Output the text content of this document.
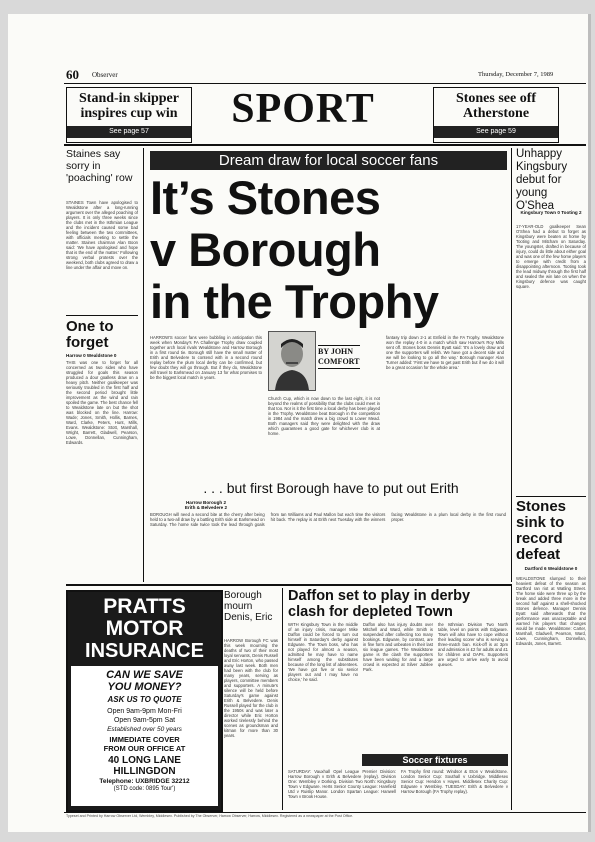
60 Observer	Thursday, December 7, 1989
Stand-in skipper
inspires cup win
See page 57	SPORT	Stones see off
Atherstone
See page 59
Staines say sorry in 'poaching' row
STAINES Town have apologised to Wealdstone after a long-running argument over the alleged poaching of players. It is only three weeks since the clubs met in the Isthmian League and the incident caused some bad feeling between the two committees, with officials meeting to settle the matter. Staines chairman Alan Boon said: 'We have apologised and hope that is the end of the matter.' Following strong verbal protests over the weekend, both clubs agreed to draw a line under the affair and move on.
One to forget
Harrow 0 Wealdstone 0
THIS was one to forget for all concerned as two sides who have struggled for goals this season produced a dour goalless draw on a heavy pitch. Neither goalkeeper was seriously troubled in the first half and the second period brought little improvement as the wind and rain spoiled the game. The best chance fell to Wealdstone late on but the shot was blocked on the line. Harrow: Wade; Jones, Smith, Hollis, Barnes, Ward, Clarke, Peters, Hunt, Mills, Evans. Wealdstone: Stott, Marshall, Wright, Barrett, Gladwell, Pearson, Lowe, Donnellan, Cunningham, Edwards.
Dream draw for local soccer fans
It’s Stones
v Borough
in the Trophy
BY JOHN COMFORT
HARROW'S soccer fans were bubbling in anticipation this week when Monday's FA Challenge Trophy draw coupled together arch local rivals Wealdstone and Harrow Borough in a first round tie. Borough still have the small matter of Erith and Belvedere to contend with in a second round replay before the plum local derby can be confirmed, but few doubt they will go through. But if they do, Wealdstone will travel to Earlsmead on January 13 for what promises to be the biggest local match in years.
Church Cup, which is now down to the last eight, it is not beyond the realms of possibility that the clubs could meet in that too. Nor is it the first time a local derby has been played in the Trophy. Wealdstone beat Borough in the competition in 1984 and the match drew a big crowd to Lower Mead. Both managers said they were delighted with the draw which guarantees a good gate for whichever club is at home.
fantasy trip down 2-1 at Enfield in the FA Trophy. Wealdstone won the replay 4-0 in a match which saw Harrow's Roy Mills sent off. Stones boss Dennis Byatt said: 'It's a lovely draw and one the supporters will relish. We have got a decent side and we will be looking to go all the way.' Borough manager Alan Turner added: 'First we have to get past Erith but if we do it will be a great occasion for the whole area.'
. . . but first Borough have to put out Erith
Harrow Borough 2
Erith & Belvedere 2
BOROUGH will need a second bite at the cherry after being held to a two-all draw by a battling Erith side at Earlsmead on Saturday. The home side twice took the lead through goals from Ian Williams and Paul Mallon but each time the visitors hit back. The replay is at Erith next Tuesday with the winners facing Wealdstone in a plum local derby in the first round proper.
Unhappy Kingsbury debut for young O'Shea
Kingsbury Town 0 Tooting 2
17-YEAR-OLD goalkeeper Sean O'Shea had a debut to forget as Kingsbury were beaten at home by Tooting and Mitcham on Saturday. The youngster, drafted in because of injury, could do little about either goal and was one of the few home players to emerge with credit from a disappointing afternoon. Tooting took the lead midway through the first half and sealed the win late on when the Kingsbury defence was caught square.
Stones sink to record defeat
Dartford 6 Wealdstone 0
WEALDSTONE slumped to their heaviest defeat of the season as Dartford ran riot at Watling Street. The home side were three up by the break and added three more in the second half against a shell-shocked Stones defence. Manager Dennis Byatt said afterwards that the performance was unacceptable and warned his players that changes would be made. Wealdstone: Carter, Marshall, Gladwell, Pearson, Ward, Lowe, Cunningham, Donnellan, Edwards, Jones, Barrett.
PRATTS
MOTOR
INSURANCE
CAN WE SAVE
YOU MONEY?
ASK US TO QUOTE
Open 9am-9pm Mon-Fri
Open 9am-5pm Sat
Established over 50 years
IMMEDIATE COVER
FROM OUR OFFICE AT
40 LONG LANE
HILLINGDON
Telephone: UXBRIDGE 32212
(STD code: 0895 'four')
Borough mourn Denis, Eric
HARROW Borough FC was this week mourning the deaths of two of their most loyal servants, Denis Russell and Eric Horton, who passed away last week. Both men had been with the club for many years, serving as players, committee members and supporters. A minute's silence will be held before Saturday's game against Erith & Belvedere. Denis Russell played for the club in the 1950s and was later a director while Eric Horton worked tirelessly behind the scenes as groundsman and kitman for more than 30 years.
Daffon set to play in derby clash for depleted Town
WITH Kingsbury Town in the middle of an injury crisis, manager Mike Daffon could be forced to turn out himself in Saturday's derby against Edgware. The Town boss, who has not played for almost a season, admitted he may have to name himself among the substitutes because of the long list of absentees. 'We have got five or six senior players out and I may have no choice,' he said.
Daffon also has injury doubts over Mitchell and Ward, while Smith is suspended after collecting too many bookings. Edgware, by contrast, are in fine form and unbeaten in their last six league games. The Wealdstone game is the clash the supporters have been waiting for and a large crowd is expected at Silver Jubilee Park.
the Isthmian Division Two North table, level on points with Edgware. Town will also have to cope without their leading scorer who is serving a three-match ban. Kick-off is at 3pm and admission is £2 for adults and £1 for children and OAPs. Supporters are urged to arrive early to avoid queues.
Soccer fixtures
SATURDAY: Vauxhall Opel League Premier Division: Harrow Borough v Erith & Belvedere (replay). Division One: Wembley v Dorking. Division Two North: Kingsbury Town v Edgware. Herts Senior County League: Harefield Utd v Ruislip Manor. London Spartan League: Hanwell Town v Brook House.
FA Trophy first round: Windsor & Eton v Wealdstone. London Senior Cup: Southall v Uxbridge. Middlesex Senior Cup: Hendon v Hayes. Middlesex Charity Cup: Edgware v Wembley. TUESDAY: Erith & Belvedere v Harrow Borough (FA Trophy replay).
Typeset and Printed by Harrow Observer Ltd, Wembley, Middlesex. Published by The Observer, Harrow Observer, Harrow, Middlesex. Registered as a newspaper at the Post Office.
